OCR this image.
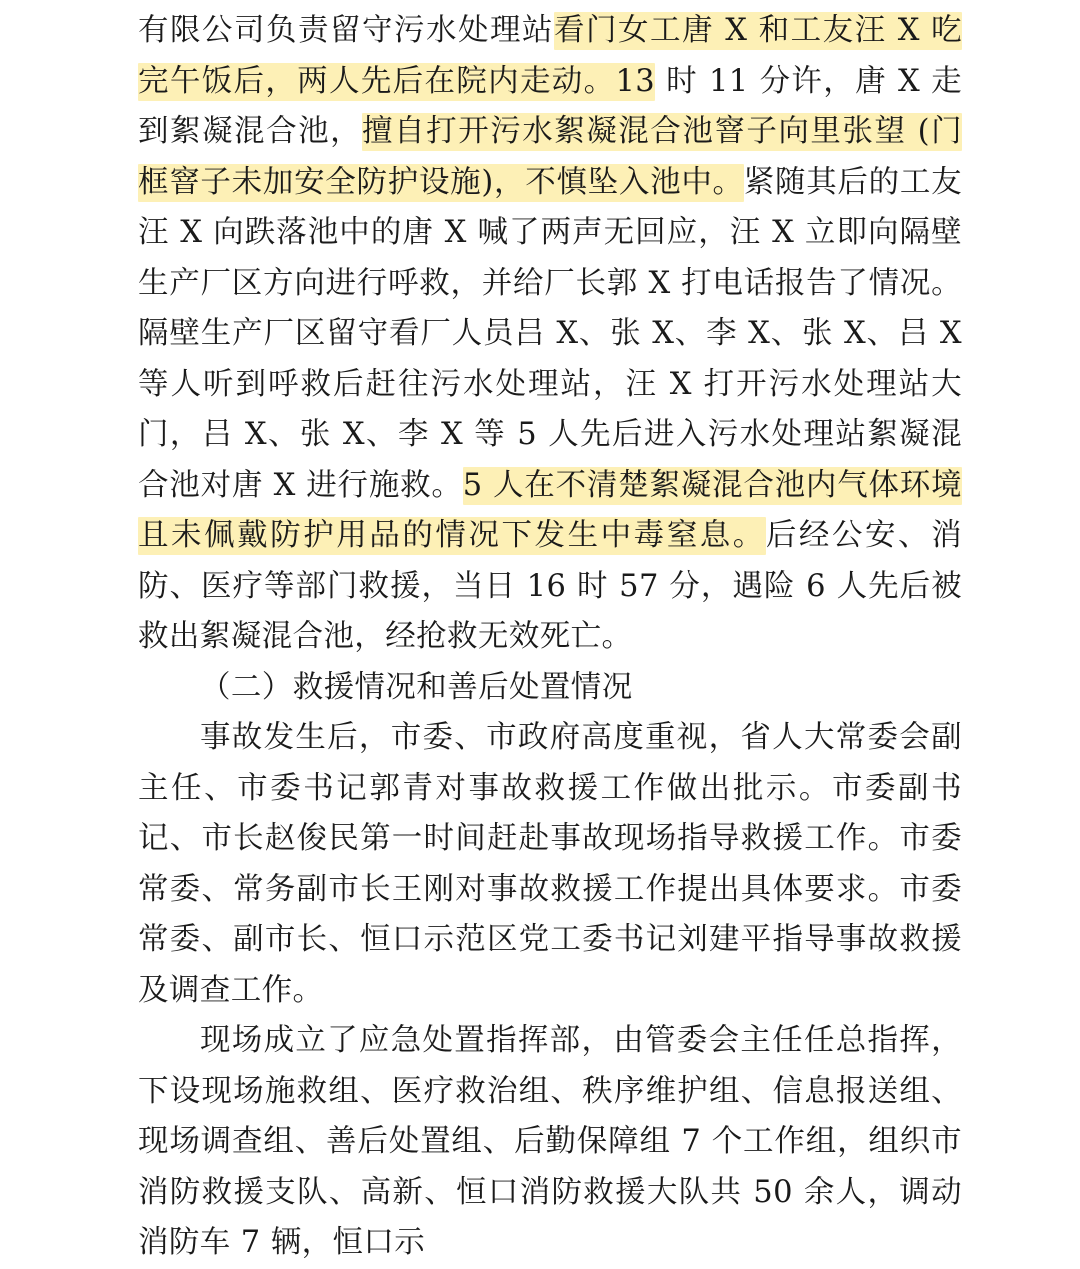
有限公司负责留守污水处理站看门女工唐 X 和工友汪 X 吃完午饭后，两人先后在院内走动。13 时 11 分许，唐 X 走到絮凝混合池，擅自打开污水絮凝混合池窨子向里张望 (门框窨子未加安全防护设施)，不慎坠入池中。紧随其后的工友汪 X 向跌落池中的唐 X 喊了两声无回应，汪 X 立即向隔壁生产厂区方向进行呼救，并给厂长郭 X 打电话报告了情况。隔壁生产厂区留守看厂人员吕 X、张 X、李 X、张 X、吕 X 等人听到呼救后赶往污水处理站，汪 X 打开污水处理站大门，吕 X、张 X、李 X 等 5 人先后进入污水处理站絮凝混合池对唐 X 进行施救。5 人在不清楚絮凝混合池内气体环境且未佩戴防护用品的情况下发生中毒窒息。后经公安、消防、医疗等部门救援，当日 16 时 57 分，遇险 6 人先后被救出絮凝混合池，经抢救无效死亡。

（二）救援情况和善后处置情况

事故发生后，市委、市政府高度重视，省人大常委会副主任、市委书记郭青对事故救援工作做出批示。市委副书记、市长赵俊民第一时间赶赴事故现场指导救援工作。市委常委、常务副市长王刚对事故救援工作提出具体要求。市委常委、副市长、恒口示范区党工委书记刘建平指导事故救援及调查工作。

现场成立了应急处置指挥部，由管委会主任任总指挥，下设现场施救组、医疗救治组、秩序维护组、信息报送组、现场调查组、善后处置组、后勤保障组 7 个工作组，组织市消防救援支队、高新、恒口消防救援大队共 50 余人，调动消防车 7 辆，恒口示
